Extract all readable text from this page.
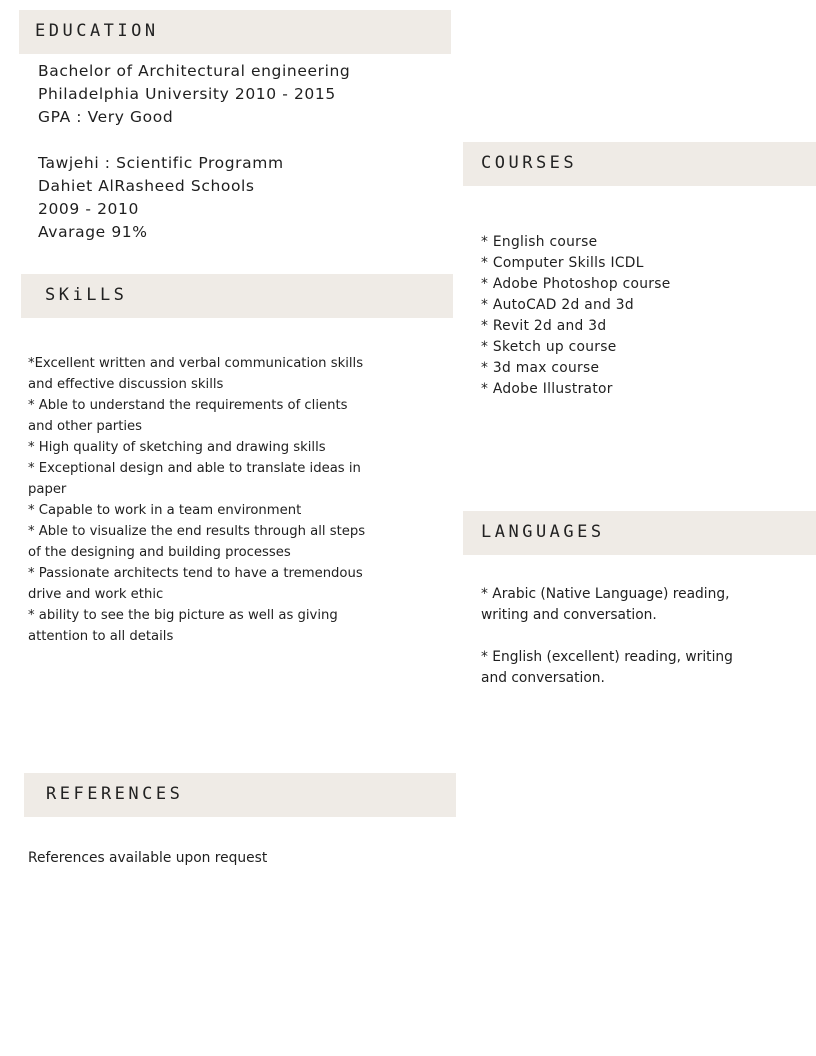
EDUCATION
Bachelor of Architectural engineering
Philadelphia University 2010 - 2015
GPA : Very Good
Tawjehi : Scientific Programm
Dahiet AlRasheed Schools
2009 - 2010
Avarage 91%
SKiLLS
*Excellent written and verbal communication skills
and effective discussion skills
* Able to understand the requirements of clients
and other parties
* High quality of sketching and drawing skills
* Exceptional design and able to translate ideas in
paper
* Capable to work in a team environment
* Able to visualize the end results through all steps
of the designing and building processes
* Passionate architects tend to have a tremendous
drive and work ethic
* ability to see the big picture as well as giving
attention to all details
COURSES
* English course
* Computer Skills ICDL
* Adobe Photoshop course
* AutoCAD 2d and 3d
* Revit 2d and 3d
* Sketch up course
* 3d max course
* Adobe Illustrator
LANGUAGES
* Arabic (Native Language) reading,
writing and conversation.
* English (excellent) reading, writing
and conversation.
REFERENCES
References available upon request
